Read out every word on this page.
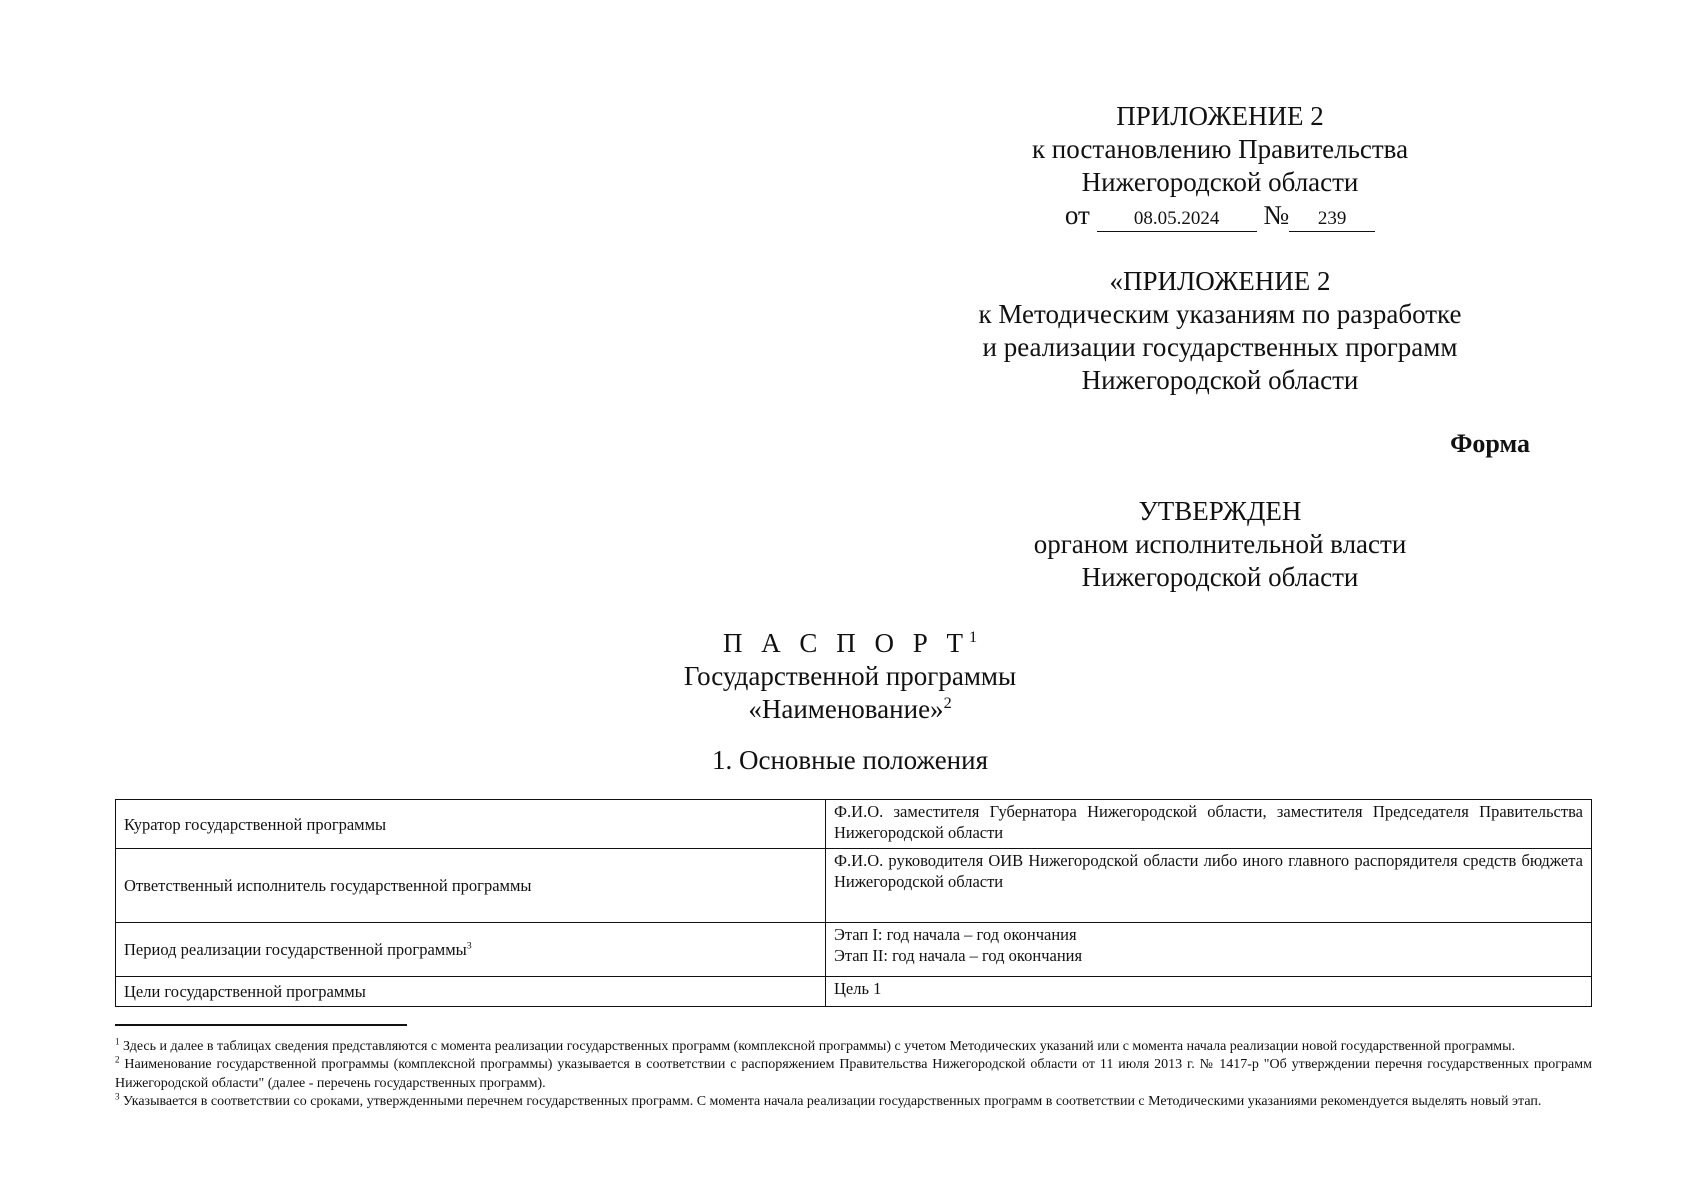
ПРИЛОЖЕНИЕ 2
к постановлению Правительства
Нижегородской области
от 08.05.2024 № 239
«ПРИЛОЖЕНИЕ 2
к Методическим указаниям по разработке
и реализации государственных программ
Нижегородской области
Форма
УТВЕРЖДЕН
органом исполнительной власти
Нижегородской области
П А С П О Р $Т^1$
Государственной программы
«Наименование»$^2$
1. Основные положения
Куратор государственной программы	Ф.И.О. заместителя Губернатора Нижегородской области, заместителя Председателя Правительства Нижегородской области

Ответственный исполнитель государственной программы	Ф.И.О. руководителя ОИВ Нижегородской области либо иного главного распорядителя средств бюджета Нижегородской области

Период реализации государственной программы$^3$	Этап I: год начала – год окончания
Этап II: год начала – год окончания

Цели государственной программы	Цель 1

$^1$ Здесь и далее в таблицах сведения представляются с момента реализации государственных программ (комплексной программы) с учетом Методических указаний или с момента начала реализации новой государственной программы.

$^2$ Наименование государственной программы (комплексной программы) указывается в соответствии с распоряжением Правительства Нижегородской области от 11 июля 2013 г. № 1417-р "Об утверждении перечня государственных программ Нижегородской области" (далее - перечень государственных программ).

$^3$ Указывается в соответствии со сроками, утвержденными перечнем государственных программ. С момента начала реализации государственных программ в соответствии с Методическими указаниями рекомендуется выделять новый этап.
